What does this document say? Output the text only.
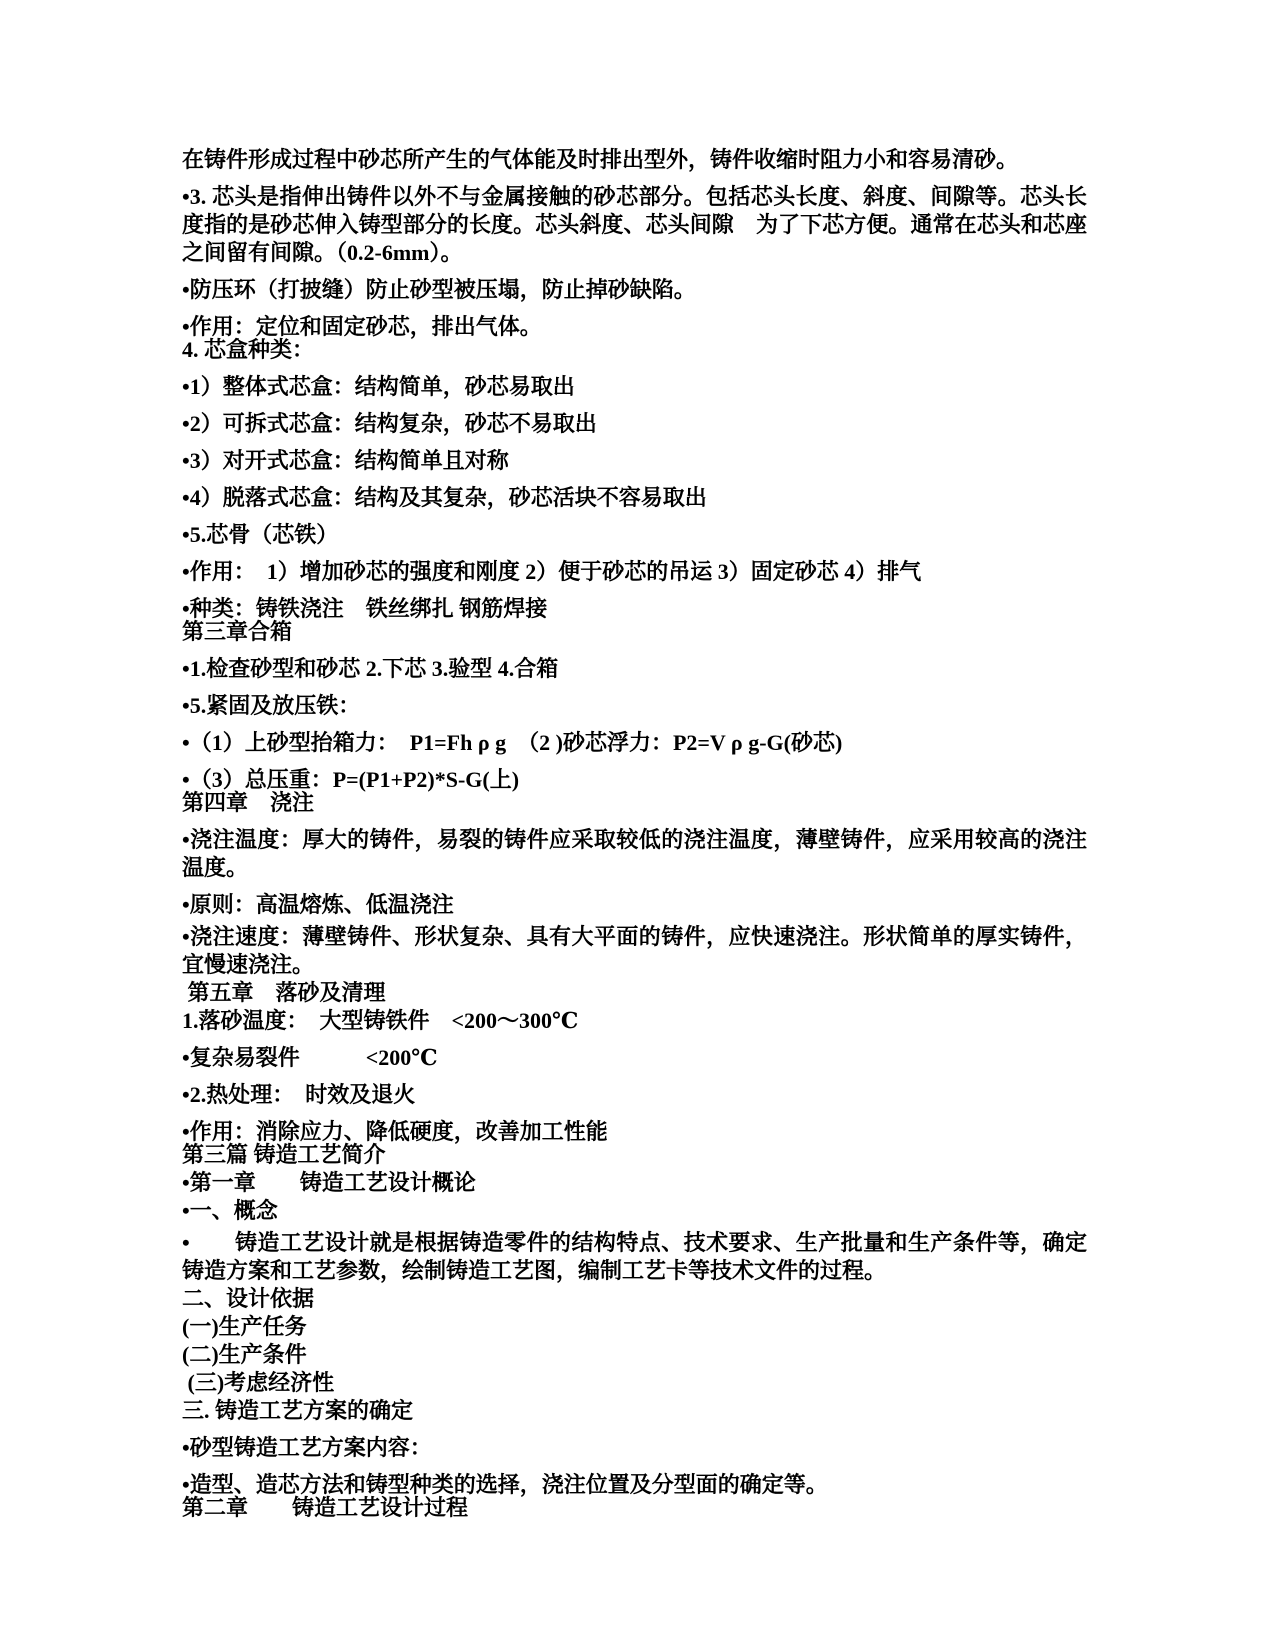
在铸件形成过程中砂芯所产生的气体能及时排出型外，铸件收缩时阻力小和容易清砂。

•3. 芯头是指伸出铸件以外不与金属接触的砂芯部分。包括芯头长度、斜度、间隙等。芯头长度指的是砂芯伸入铸型部分的长度。芯头斜度、芯头间隙　为了下芯方便。通常在芯头和芯座之间留有间隙。（0.2-6mm）。

•防压环（打披缝）防止砂型被压塌，防止掉砂缺陷。

•作用：定位和固定砂芯，排出气体。

4. 芯盒种类：

•1）整体式芯盒：结构简单，砂芯易取出

•2）可拆式芯盒：结构复杂，砂芯不易取出

•3）对开式芯盒：结构简单且对称

•4）脱落式芯盒：结构及其复杂，砂芯活块不容易取出

•5.芯骨（芯铁）

•作用：　1）增加砂芯的强度和刚度 2）便于砂芯的吊运 3）固定砂芯 4）排气

•种类：铸铁浇注　铁丝绑扎 钢筋焊接

第三章合箱

•1.检查砂型和砂芯 2.下芯 3.验型 4.合箱

•5.紧固及放压铁：

•（1）上砂型抬箱力：　P1=Fh ρ g　（2 )砂芯浮力：P2=V ρ g-G(砂芯)

•（3）总压重：P=(P1+P2)*S-G(上)

第四章　浇注

•浇注温度：厚大的铸件，易裂的铸件应采取较低的浇注温度，薄壁铸件，应采用较高的浇注温度。

•原则：高温熔炼、低温浇注

•浇注速度：薄壁铸件、形状复杂、具有大平面的铸件，应快速浇注。形状简单的厚实铸件，宜慢速浇注。

第五章　落砂及清理

1.落砂温度：　大型铸铁件　<200～300℃

•复杂易裂件　　　<200℃

•2.热处理：　时效及退火

•作用：消除应力、降低硬度，改善加工性能

第三篇 铸造工艺简介

•第一章　　铸造工艺设计概论

•一、概念

•　　铸造工艺设计就是根据铸造零件的结构特点、技术要求、生产批量和生产条件等，确定铸造方案和工艺参数，绘制铸造工艺图，编制工艺卡等技术文件的过程。

二、设计依据

(一)生产任务

(二)生产条件

(三)考虑经济性

三. 铸造工艺方案的确定

•砂型铸造工艺方案内容：

•造型、造芯方法和铸型种类的选择，浇注位置及分型面的确定等。

第二章　　铸造工艺设计过程
